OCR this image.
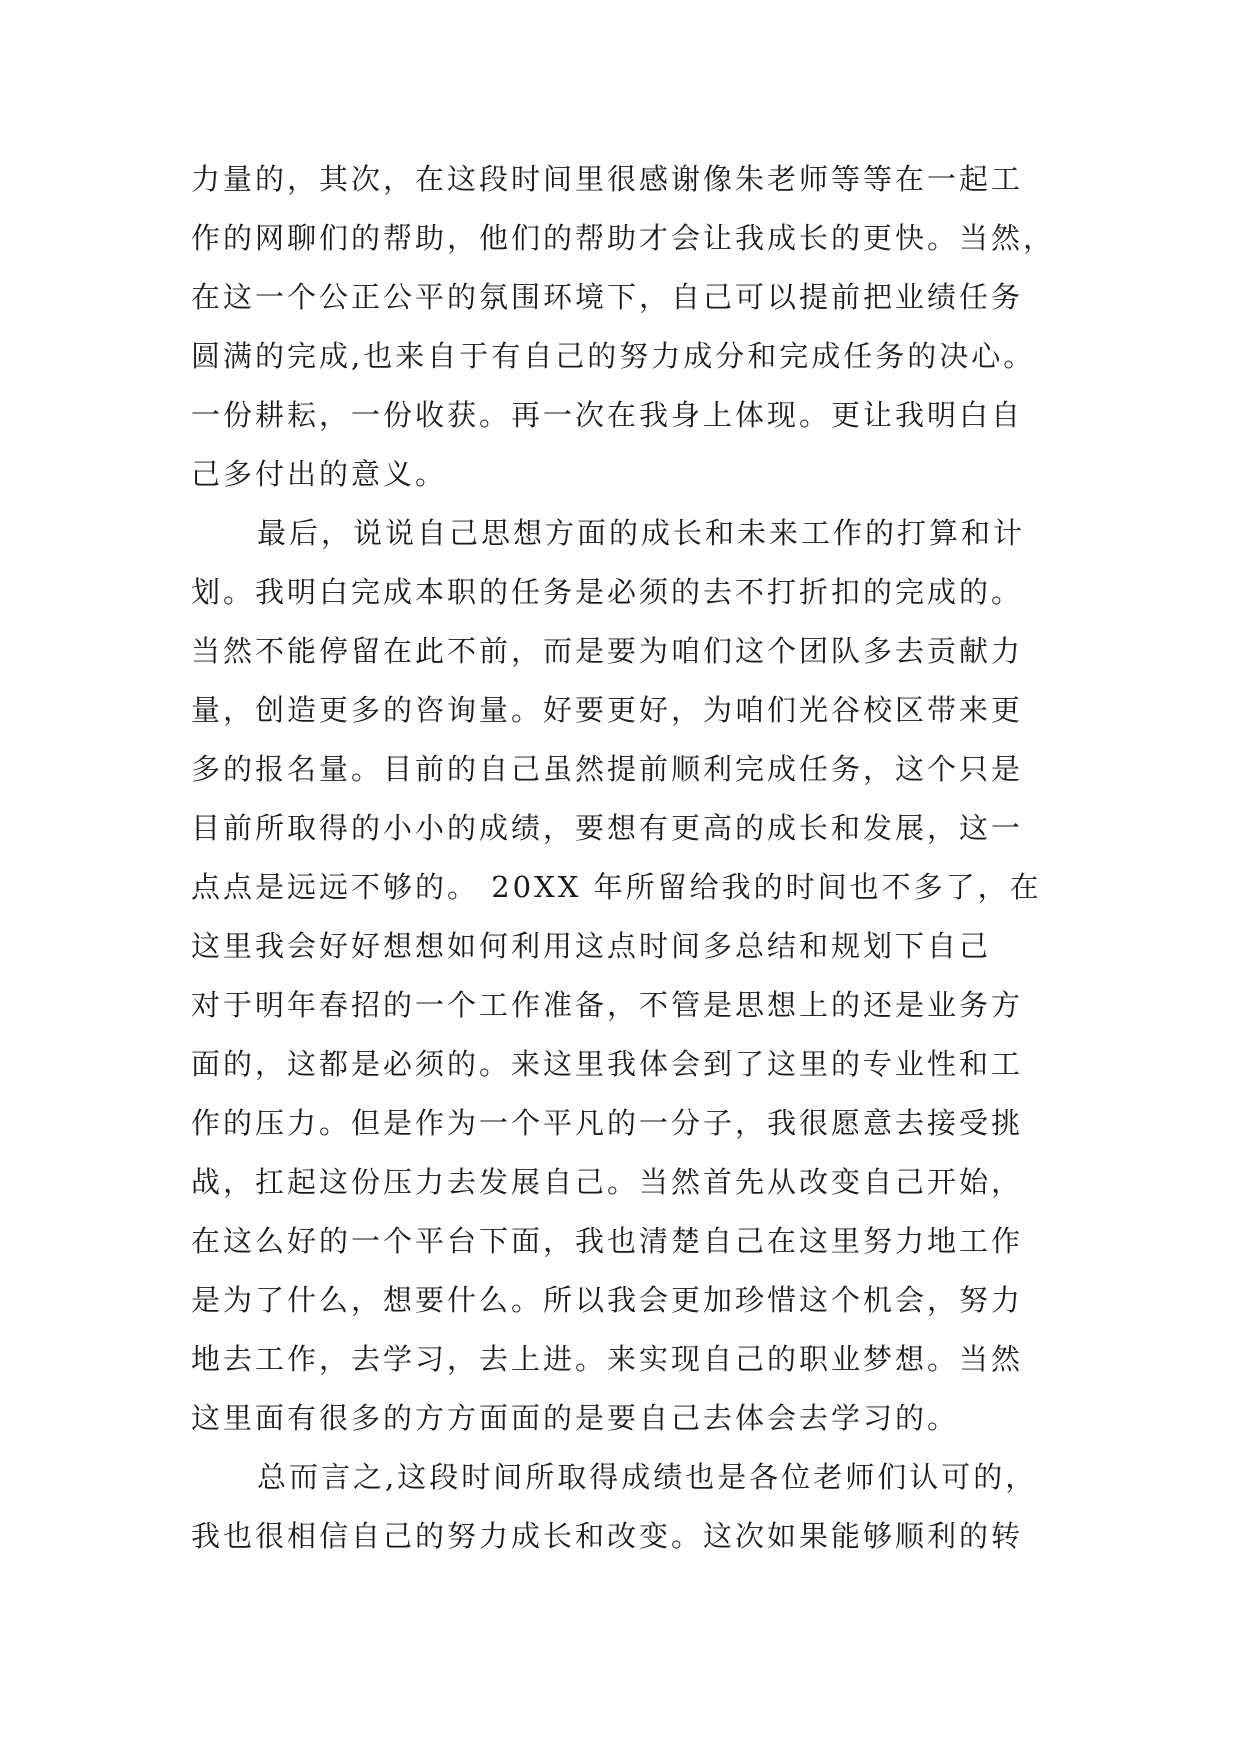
力量的，其次，在这段时间里很感谢像朱老师等等在一起工
作的网聊们的帮助，他们的帮助才会让我成长的更快。当然，
在这一个公正公平的氛围环境下，自己可以提前把业绩任务
圆满的完成,也来自于有自己的努力成分和完成任务的决心。
一份耕耘，一份收获。再一次在我身上体现。更让我明白自
己多付出的意义。
最后，说说自己思想方面的成长和未来工作的打算和计
划。我明白完成本职的任务是必须的去不打折扣的完成的。
当然不能停留在此不前，而是要为咱们这个团队多去贡献力
量，创造更多的咨询量。好要更好，为咱们光谷校区带来更
多的报名量。目前的自己虽然提前顺利完成任务，这个只是
目前所取得的小小的成绩，要想有更高的成长和发展，这一
点点是远远不够的。 20XX 年所留给我的时间也不多了，在
这里我会好好想想如何利用这点时间多总结和规划下自己
对于明年春招的一个工作准备，不管是思想上的还是业务方
面的，这都是必须的。来这里我体会到了这里的专业性和工
作的压力。但是作为一个平凡的一分子，我很愿意去接受挑
战，扛起这份压力去发展自己。当然首先从改变自己开始，
在这么好的一个平台下面，我也清楚自己在这里努力地工作
是为了什么，想要什么。所以我会更加珍惜这个机会，努力
地去工作，去学习，去上进。来实现自己的职业梦想。当然
这里面有很多的方方面面的是要自己去体会去学习的。
总而言之,这段时间所取得成绩也是各位老师们认可的，
我也很相信自己的努力成长和改变。这次如果能够顺利的转
